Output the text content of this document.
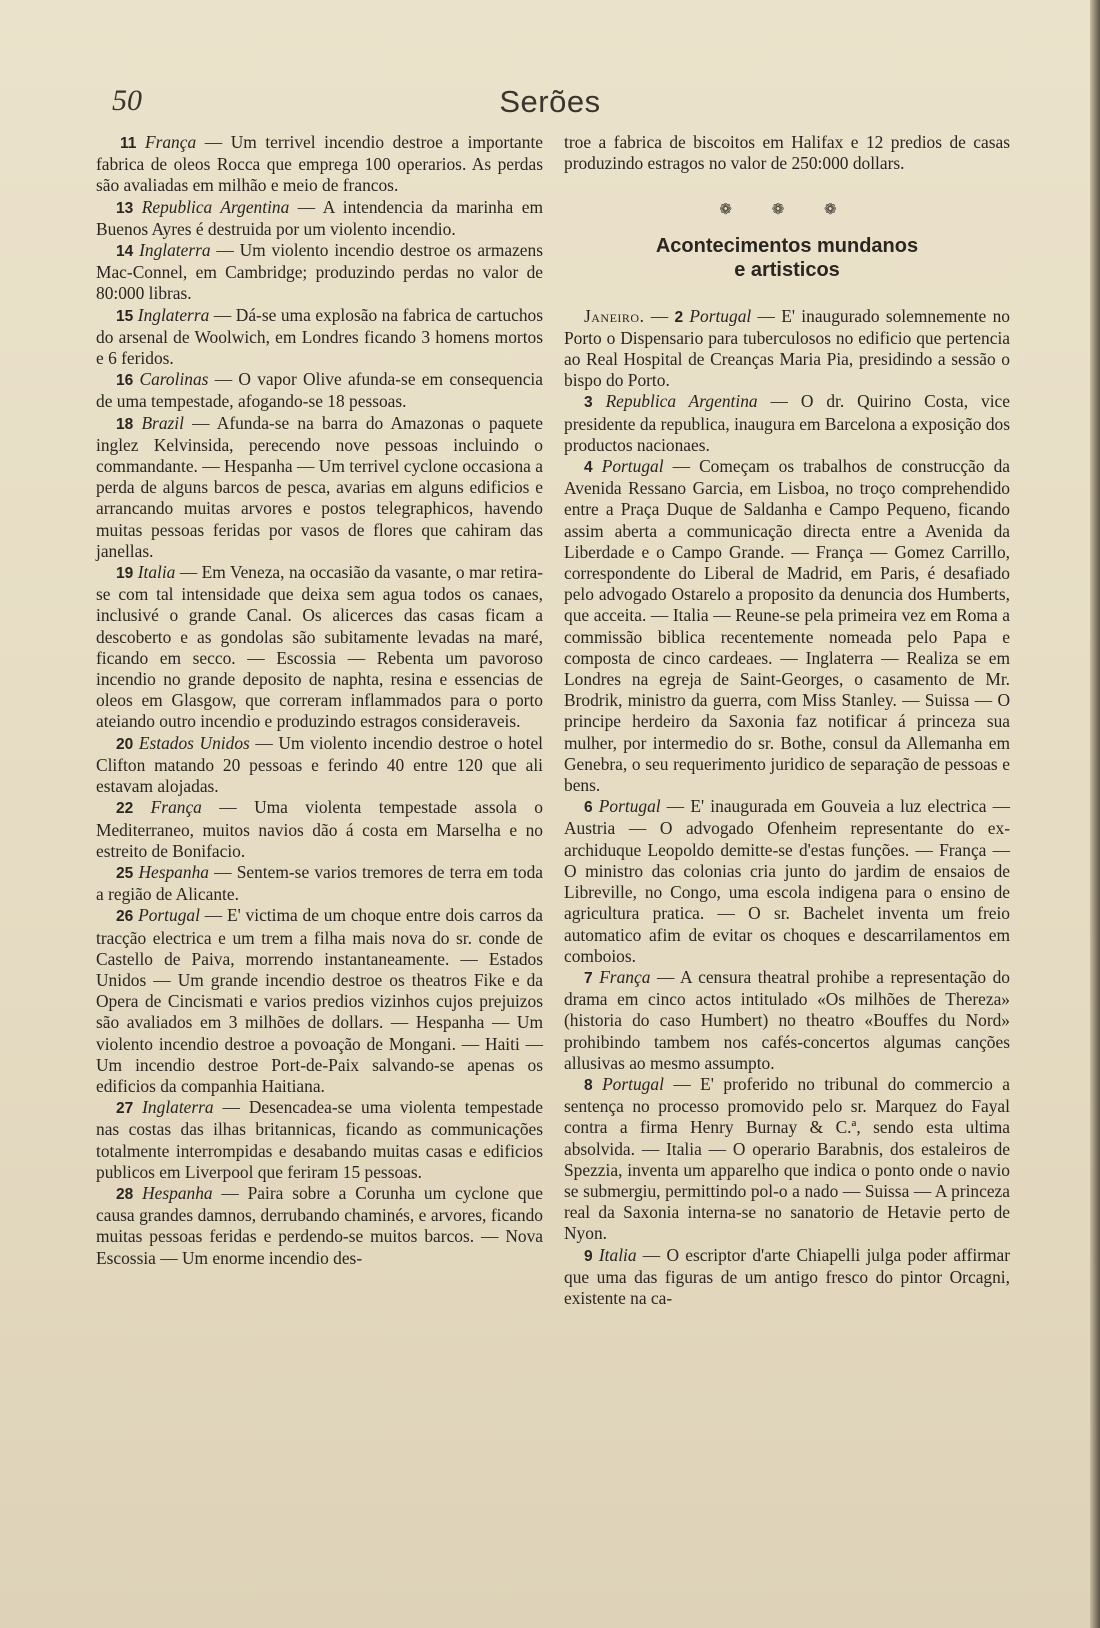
50	Serões

11 França — Um terrivel incendio destroe a importante fabrica de oleos Rocca que emprega 100 operarios. As perdas são avaliadas em milhão e meio de francos.

13 Republica Argentina — A intendencia da marinha em Buenos Ayres é destruida por um violento incendio.

14 Inglaterra — Um violento incendio destroe os armazens Mac-Connel, em Cambridge; produzindo perdas no valor de 80:000 libras.

15 Inglaterra — Dá-se uma explosão na fabrica de cartuchos do arsenal de Woolwich, em Londres ficando 3 homens mortos e 6 feridos.

16 Carolinas — O vapor Olive afunda-se em consequencia de uma tempestade, afogando-se 18 pessoas.

18 Brazil — Afunda-se na barra do Amazonas o paquete inglez Kelvinsida, perecendo nove pessoas incluindo o commandante. — Hespanha — Um terrivel cyclone occasiona a perda de alguns barcos de pesca, avarias em alguns edificios e arrancando muitas arvores e postos telegraphicos, havendo muitas pessoas feridas por vasos de flores que cahiram das janellas.

19 Italia — Em Veneza, na occasião da vasante, o mar retira-se com tal intensidade que deixa sem agua todos os canaes, inclusivé o grande Canal. Os alicerces das casas ficam a descoberto e as gondolas são subitamente levadas na maré, ficando em secco. — Escossia — Rebenta um pavoroso incendio no grande deposito de naphta, resina e essencias de oleos em Glasgow, que correram inflammados para o porto ateiando outro incendio e produzindo estragos consideraveis.

20 Estados Unidos — Um violento incendio destroe o hotel Clifton matando 20 pessoas e ferindo 40 entre 120 que ali estavam alojadas.

22 França — Uma violenta tempestade assola o Mediterraneo, muitos navios dão á costa em Marselha e no estreito de Bonifacio.

25 Hespanha — Sentem-se varios tremores de terra em toda a região de Alicante.

26 Portugal — E' victima de um choque entre dois carros da tracção electrica e um trem a filha mais nova do sr. conde de Castello de Paiva, morrendo instantaneamente. — Estados Unidos — Um grande incendio destroe os theatros Fike e da Opera de Cincismati e varios predios vizinhos cujos prejuizos são avaliados em 3 milhões de dollars. — Hespanha — Um violento incendio destroe a povoação de Mongani. — Haiti — Um incendio destroe Port-de-Paix salvando-se apenas os edificios da companhia Haitiana.

27 Inglaterra — Desencadea-se uma violenta tempestade nas costas das ilhas britannicas, ficando as communicações totalmente interrompidas e desabando muitas casas e edificios publicos em Liverpool que feriram 15 pessoas.

28 Hespanha — Paira sobre a Corunha um cyclone que causa grandes damnos, derrubando chaminés, e arvores, ficando muitas pessoas feridas e perdendo-se muitos barcos. — Nova Escossia — Um enorme incendio des-

troe a fabrica de biscoitos em Halifax e 12 predios de casas produzindo estragos no valor de 250:000 dollars.

❁ ❁ ❁
Acontecimentos mundanos
e artisticos

Janeiro. — 2 Portugal — E' inaugurado solemnemente no Porto o Dispensario para tuberculosos no edificio que pertencia ao Real Hospital de Creanças Maria Pia, presidindo a sessão o bispo do Porto.

3 Republica Argentina — O dr. Quirino Costa, vice presidente da republica, inaugura em Barcelona a exposição dos productos nacionaes.

4 Portugal — Começam os trabalhos de construcção da Avenida Ressano Garcia, em Lisboa, no troço comprehendido entre a Praça Duque de Saldanha e Campo Pequeno, ficando assim aberta a communicação directa entre a Avenida da Liberdade e o Campo Grande. — França — Gomez Carrillo, correspondente do Liberal de Madrid, em Paris, é desafiado pelo advogado Ostarelo a proposito da denuncia dos Humberts, que acceita. — Italia — Reune-se pela primeira vez em Roma a commissão biblica recentemente nomeada pelo Papa e composta de cinco cardeaes. — Inglaterra — Realiza se em Londres na egreja de Saint-Georges, o casamento de Mr. Brodrik, ministro da guerra, com Miss Stanley. — Suissa — O principe herdeiro da Saxonia faz notificar á princeza sua mulher, por intermedio do sr. Bothe, consul da Allemanha em Genebra, o seu requerimento juridico de separação de pessoas e bens.

6 Portugal — E' inaugurada em Gouveia a luz electrica — Austria — O advogado Ofenheim representante do ex-archiduque Leopoldo demitte-se d'estas funções. — França — O ministro das colonias cria junto do jardim de ensaios de Libreville, no Congo, uma escola indigena para o ensino de agricultura pratica. — O sr. Bachelet inventa um freio automatico afim de evitar os choques e descarrilamentos em comboios.

7 França — A censura theatral prohibe a representação do drama em cinco actos intitulado «Os milhões de Thereza» (historia do caso Humbert) no theatro «Bouffes du Nord» prohibindo tambem nos cafés-concertos algumas canções allusivas ao mesmo assumpto.

8 Portugal — E' proferido no tribunal do commercio a sentença no processo promovido pelo sr. Marquez do Fayal contra a firma Henry Burnay & C.ª, sendo esta ultima absolvida. — Italia — O operario Barabnis, dos estaleiros de Spezzia, inventa um apparelho que indica o ponto onde o navio se submergiu, permittindo pol-o a nado — Suissa — A princeza real da Saxonia interna-se no sanatorio de Hetavie perto de Nyon.

9 Italia — O escriptor d'arte Chiapelli julga poder affirmar que uma das figuras de um antigo fresco do pintor Orcagni, existente na ca-
